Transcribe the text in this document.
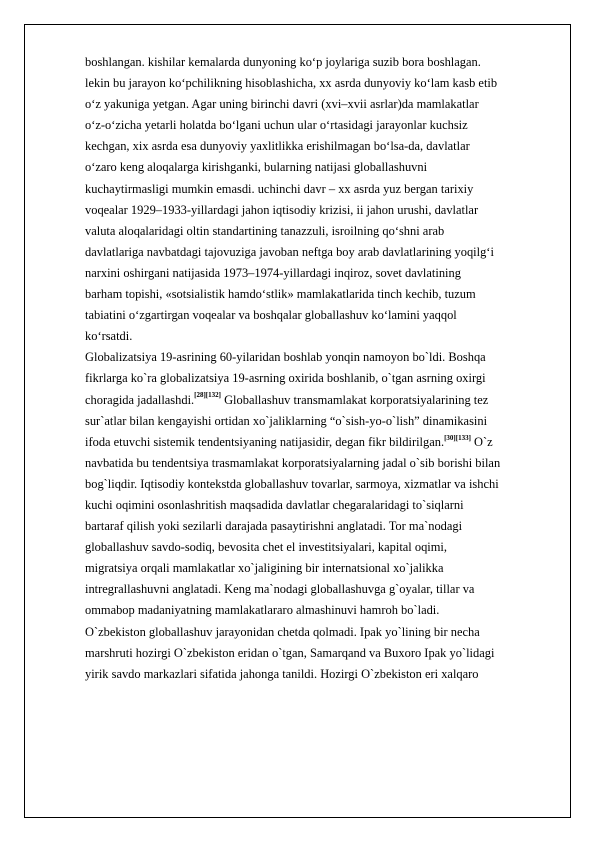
boshlangan. kishilar kemalarda dunyoning ko‘p joylariga suzib bora boshlagan.
lekin bu jarayon ko‘pchilikning hisoblashicha, xx asrda dunyoviy ko‘lam kasb etib
o‘z yakuniga yetgan. Agar uning birinchi davri (xvi–xvii asrlar)da mamlakatlar
o‘z-o‘zicha yetarli holatda bo‘lgani uchun ular o‘rtasidagi jarayonlar kuchsiz
kechgan, xix asrda esa dunyoviy yaxlitlikka erishilmagan bo‘lsa-da, davlatlar
o‘zaro keng aloqalarga kirishganki, bularning natijasi globallashuvni
kuchaytirmasligi mumkin emasdi. uchinchi davr – xx asrda yuz bergan tarixiy
voqealar 1929–1933-yillardagi jahon iqtisodiy krizisi, ii jahon urushi, davlatlar
valuta aloqalaridagi oltin standartining tanazzuli, isroilning qo‘shni arab
davlatlariga navbatdagi tajovuziga javoban neftga boy arab davlatlarining yoqilg‘i
narxini oshirgani natijasida 1973–1974-yillardagi inqiroz, sovet davlatining
barham topishi, «sotsialistik hamdo‘stlik» mamlakatlarida tinch kechib, tuzum
tabiatini o‘zgartirgan voqealar va boshqalar globallashuv ko‘lamini yaqqol
ko‘rsatdi.
Globalizatsiya 19-asrining 60-yilaridan boshlab yonqin namoyon bo`ldi. Boshqa
fikrlarga ko`ra globalizatsiya 19-asrning oxirida boshlanib, o`tgan asrning oxirgi
choragida jadallashdi.[28][132] Globallashuv transmamlakat korporatsiyalarining tez
sur`atlar bilan kengayishi ortidan xo`jaliklarning “o`sish-yo-o`lish” dinamikasini
ifoda etuvchi sistemik tendentsiyaning natijasidir, degan fikr bildirilgan.[30][133] O`z
navbatida bu tendentsiya trasmamlakat korporatsiyalarning jadal o`sib borishi bilan
bog`liqdir. Iqtisodiy kontekstda globallashuv tovarlar, sarmoya, xizmatlar va ishchi
kuchi oqimini osonlashritish maqsadida davlatlar chegaralaridagi to`siqlarni
bartaraf qilish yoki sezilarli darajada pasaytirishni anglatadi. Tor ma`nodagi
globallashuv savdo-sodiq, bevosita chet el investitsiyalari, kapital oqimi,
migratsiya orqali mamlakatlar xo`jaligining bir internatsional xo`jalikka
intregrallashuvni anglatadi. Keng ma`nodagi globallashuvga g`oyalar, tillar va
ommabop madaniyatning mamlakatlararo almashinuvi hamroh bo`ladi.
O`zbekiston globallashuv jarayonidan chetda qolmadi. Ipak yo`lining bir necha
marshruti hozirgi O`zbekiston eridan o`tgan, Samarqand va Buxoro Ipak yo`lidagi
yirik savdo markazlari sifatida jahonga tanildi. Hozirgi O`zbekiston eri xalqaro
